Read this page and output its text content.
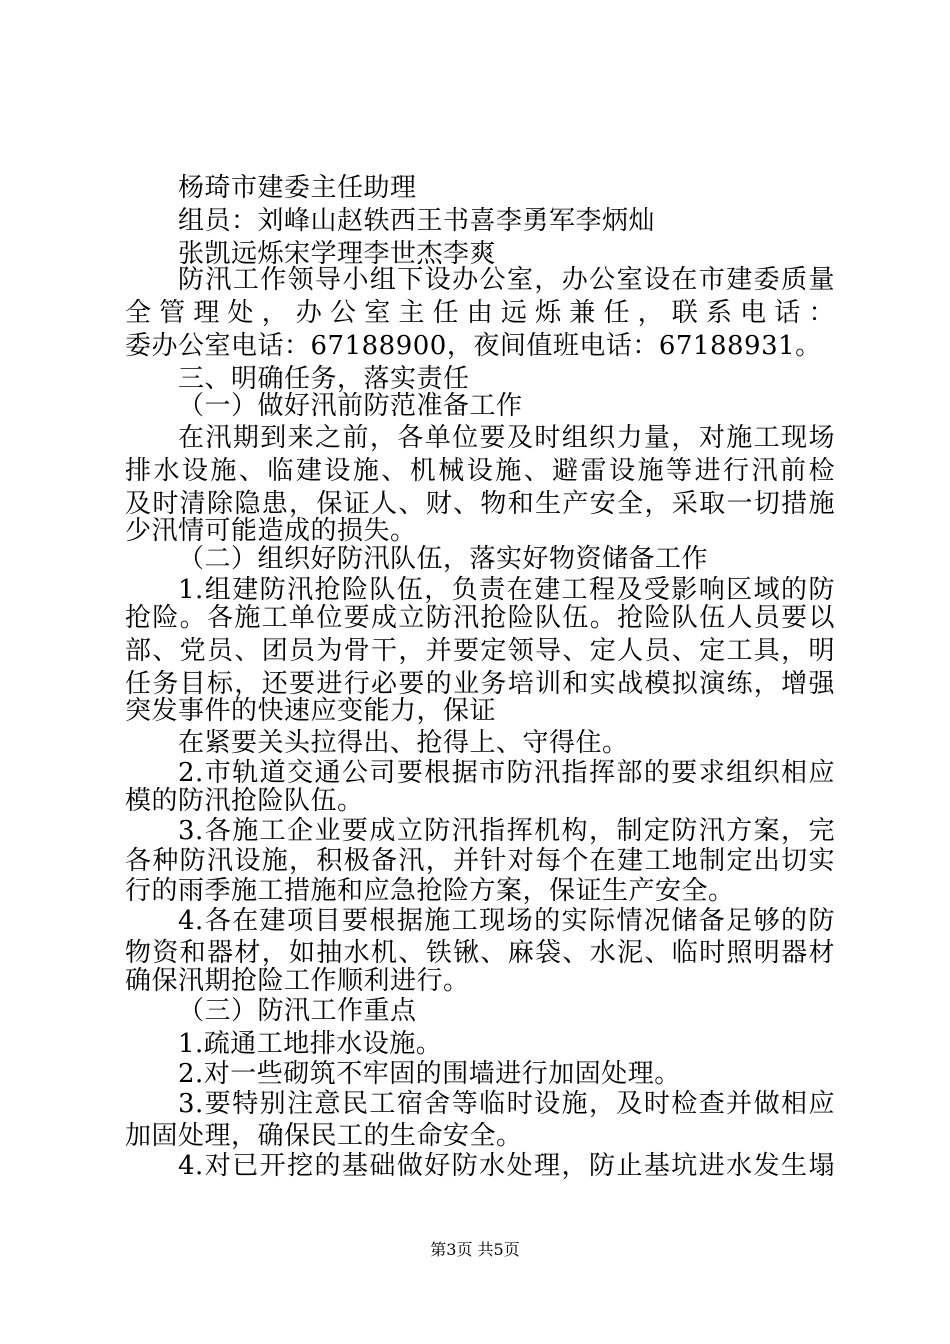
杨琦市建委主任助理
组员：刘峰山赵轶西王书喜李勇军李炳灿
张凯远烁宋学理李世杰李爽
防汛工作领导小组下设办公室，办公室设在市建委质量
全管理处，办公室主任由远烁兼任，联系电话：
委办公室电话：67188900，夜间值班电话：67188931。
三、明确任务，落实责任
（一）做好汛前防范准备工作
在汛期到来之前，各单位要及时组织力量，对施工现场
排水设施、临建设施、机械设施、避雷设施等进行汛前检
及时清除隐患，保证人、财、物和生产安全，采取一切措施
少汛情可能造成的损失。
（二）组织好防汛队伍，落实好物资储备工作
1.组建防汛抢险队伍，负责在建工程及受影响区域的防
抢险。各施工单位要成立防汛抢险队伍。抢险队伍人员要以
部、党员、团员为骨干，并要定领导、定人员、定工具，明
任务目标，还要进行必要的业务培训和实战模拟演练，增强
突发事件的快速应变能力，保证
在紧要关头拉得出、抢得上、守得住。
2.市轨道交通公司要根据市防汛指挥部的要求组织相应
模的防汛抢险队伍。
3.各施工企业要成立防汛指挥机构，制定防汛方案，完
各种防汛设施，积极备汛，并针对每个在建工地制定出切实
行的雨季施工措施和应急抢险方案，保证生产安全。
4.各在建项目要根据施工现场的实际情况储备足够的防
物资和器材，如抽水机、铁锹、麻袋、水泥、临时照明器材
确保汛期抢险工作顺利进行。
（三）防汛工作重点
1.疏通工地排水设施。
2.对一些砌筑不牢固的围墙进行加固处理。
3.要特别注意民工宿舍等临时设施，及时检查并做相应
加固处理，确保民工的生命安全。
4.对已开挖的基础做好防水处理，防止基坑进水发生塌
第3页 共5页
